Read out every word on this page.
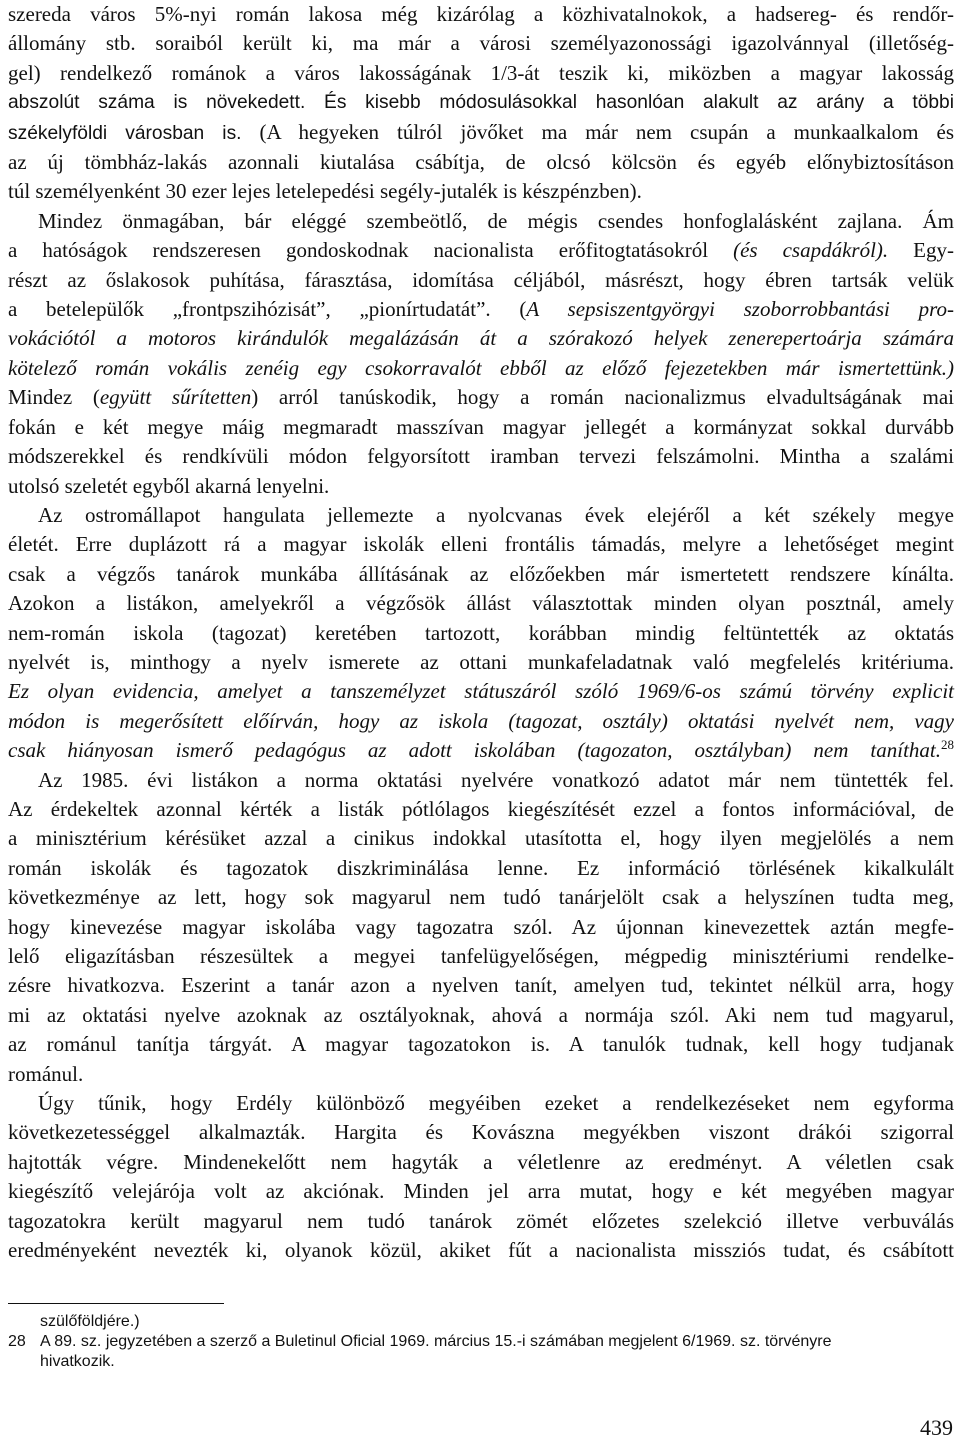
szereda város 5%-nyi román lakosa még kizárólag a közhivatalnokok, a hadsereg- és rendőr-
állomány stb. soraiból került ki, ma már a városi személyazonossági igazolvánnyal (illetőség-
gel) rendelkező románok a város lakosságának 1/3-át teszik ki, miközben a magyar lakosság
abszolút száma is növekedett. És kisebb módosulásokkal hasonlóan alakult az arány a többi
székelyföldi városban is. (A hegyeken túlról jövőket ma már nem csupán a munkaalkalom és
az új tömbház-lakás azonnali kiutalása csábítja, de olcsó kölcsön és egyéb előnybiztosításon
túl személyenként 30 ezer lejes letelepedési segély-jutalék is készpénzben).

Mindez önmagában, bár eléggé szembeötlő, de mégis csendes honfoglalásként zajlana. Ám
a hatóságok rendszeresen gondoskodnak nacionalista erőfitogtatásokról (és csapdákról). Egy-
részt az őslakosok puhítása, fárasztása, idomítása céljából, másrészt, hogy ébren tartsák velük
a betelepülők „frontpszihózisát”, „pionírtudatát”. (A sepsiszentgyörgyi szoborrobbantási pro-
vokációtól a motoros kirándulók megalázásán át a szórakozó helyek zenerepertoárja számára
kötelező román vokális zenéig egy csokorravalót ebből az előző fejezetekben már ismertettünk.)
Mindez (együtt sűrítetten) arról tanúskodik, hogy a román nacionalizmus elvadultságának mai
fokán e két megye máig megmaradt masszívan magyar jellegét a kormányzat sokkal durvább
módszerekkel és rendkívüli módon felgyorsított iramban tervezi felszámolni. Mintha a szalámi
utolsó szeletét egyből akarná lenyelni.

Az ostromállapot hangulata jellemezte a nyolcvanas évek elejéről a két székely megye
életét. Erre duplázott rá a magyar iskolák elleni frontális támadás, melyre a lehetőséget megint
csak a végzős tanárok munkába állításának az előzőekben már ismertetett rendszere kínálta.
Azokon a listákon, amelyekről a végzősök állást választottak minden olyan posztnál, amely
nem-román iskola (tagozat) keretében tartozott, korábban mindig feltüntették az oktatás
nyelvét is, minthogy a nyelv ismerete az ottani munkafeladatnak való megfelelés kritériuma.
Ez olyan evidencia, amelyet a tanszemélyzet státuszáról szóló 1969/6-os számú törvény explicit
módon is megerősített előírván, hogy az iskola (tagozat, osztály) oktatási nyelvét nem, vagy
csak hiányosan ismerő pedagógus az adott iskolában (tagozaton, osztályban) nem taníthat.$^{28}$

Az 1985. évi listákon a norma oktatási nyelvére vonatkozó adatot már nem tüntették fel.
Az érdekeltek azonnal kérték a listák pótlólagos kiegészítését ezzel a fontos információval, de
a minisztérium kérésüket azzal a cinikus indokkal utasította el, hogy ilyen megjelölés a nem
román iskolák és tagozatok diszkriminálása lenne. Ez információ törlésének kikalkulált
következménye az lett, hogy sok magyarul nem tudó tanárjelölt csak a helyszínen tudta meg,
hogy kinevezése magyar iskolába vagy tagozatra szól. Az újonnan kinevezettek aztán megfe-
lelő eligazításban részesültek a megyei tanfelügyelőségen, mégpedig minisztériumi rendelke-
zésre hivatkozva. Eszerint a tanár azon a nyelven tanít, amelyen tud, tekintet nélkül arra, hogy
mi az oktatási nyelve azoknak az osztályoknak, ahová a normája szól. Aki nem tud magyarul,
az románul tanítja tárgyát. A magyar tagozatokon is. A tanulók tudnak, kell hogy tudjanak
románul.

Úgy tűnik, hogy Erdély különböző megyéiben ezeket a rendelkezéseket nem egyforma
következetességgel alkalmazták. Hargita és Kovászna megyékben viszont drákói szigorral
hajtották végre. Mindenekelőtt nem hagyták a véletlenre az eredményt. A véletlen csak
kiegészítő velejárója volt az akciónak. Minden jel arra mutat, hogy e két megyében magyar
tagozatokra került magyarul nem tudó tanárok zömét előzetes szelekció illetve verbuválás
eredményeként nevezték ki, olyanok közül, akiket fűt a nacionalista missziós tudat, és csábított

szülőföldjére.)
28 A 89. sz. jegyzetében a szerző a Buletinul Oficial 1969. március 15.-i számában megjelent 6/1969. sz. törvényre
hivatkozik.
439
